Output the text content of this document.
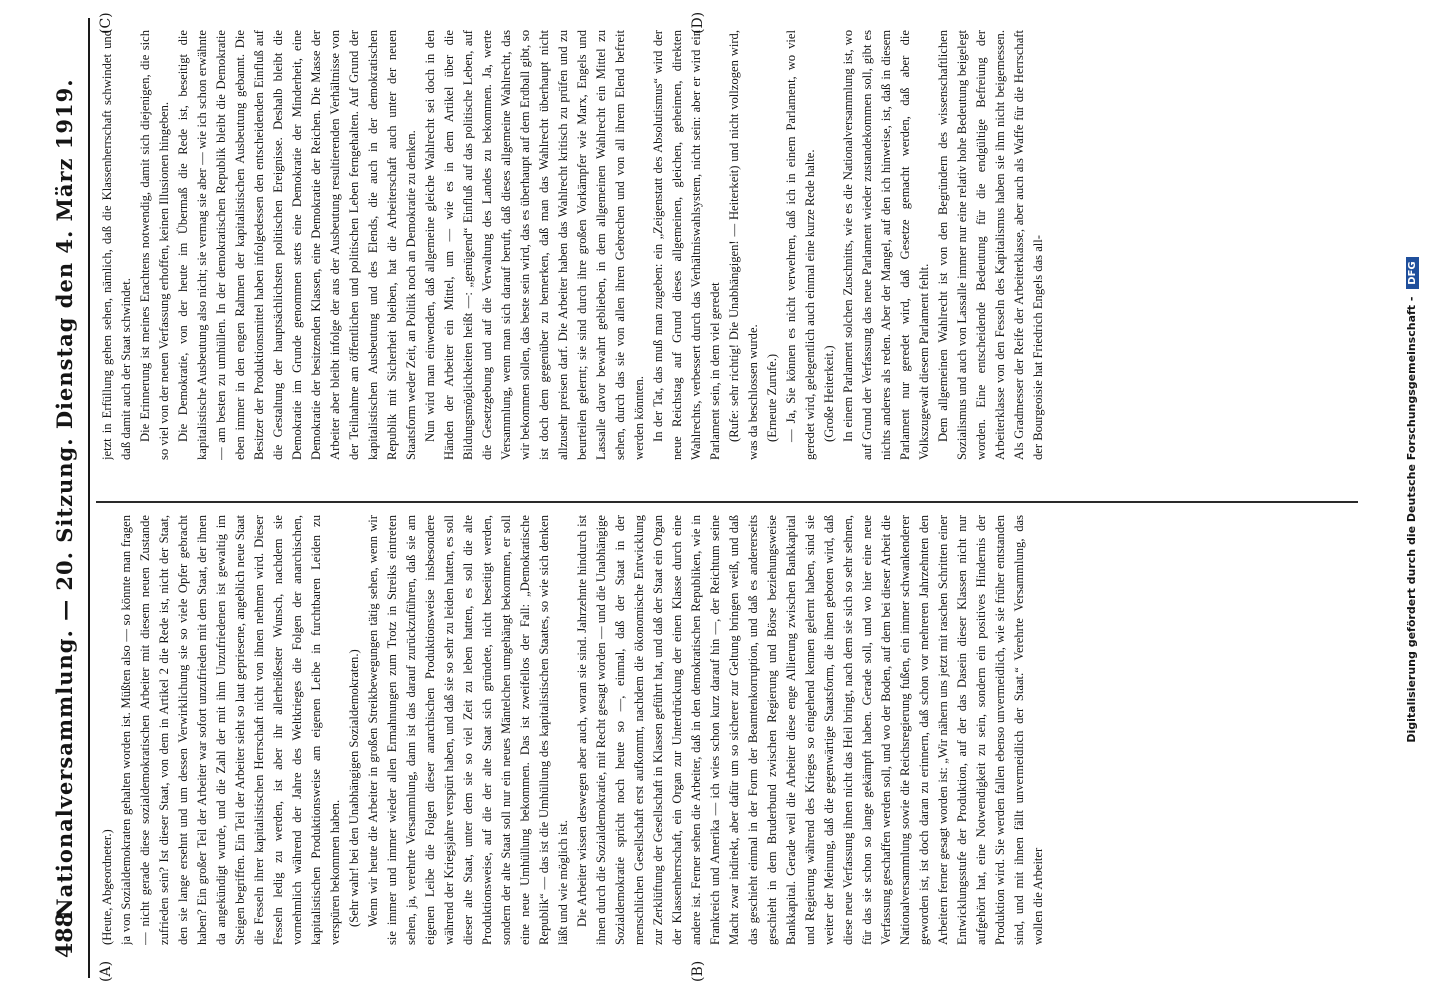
488
Nationalversammlung. — 20. Sitzung. Dienstag den 4. März 1919.
(A)	(B)
(C)	(D)

(Heute, Abgeordneter.) ja von Sozialdemokraten gehalten worden ist. Müßten also — so könnte man fragen — nicht gerade diese sozialdemokratischen Arbeiter mit diesem neuen Zustande zufrieden sein? Ist dieser Staat, von dem in Artikel 2 die Rede ist, nicht der Staat, den sie lange ersehnt und um dessen Verwirklichung sie so viele Opfer gebracht haben? Ein großer Teil der Arbeiter war sofort unzufrieden mit dem Staat, der ihnen da angekündigt wurde, und die Zahl der mit ihm Unzufriedenen ist gewaltig im Steigen begriffen. Ein Teil der Arbeiter sieht so laut gepriesene, angeblich neue Staat die Fesseln ihrer kapitalistischen Herrschaft nicht von ihnen nehmen wird. Dieser Fesseln ledig zu werden, ist aber ihr allerheißester Wunsch, nachdem sie vornehmlich während der Jahre des Weltkrieges die Folgen der anarchischen, kapitalistischen Produktionsweise am eigenen Leibe in furchtbaren Leiden zu verspüren bekommen haben. (Sehr wahr! bei den Unabhängigen Sozialdemokraten.) Wenn wir heute die Arbeiter in großen Streikbewegungen tätig sehen, wenn wir sie immer und immer wieder allen Ermahnungen zum Trotz in Streiks eintreten sehen, ja, verehrte Versammlung, dann ist das darauf zurückzuführen, daß sie am eigenen Leibe die Folgen dieser anarchischen Produktionsweise insbesondere während der Kriegsjahre verspürt haben, und daß sie so sehr zu leiden hatten, es soll dieser alte Staat, unter dem sie so viel Zeit zu leben hatten, es soll die alte Produktionsweise, auf die der alte Staat sich gründete, nicht beseitigt werden, sondern der alte Staat soll nur ein neues Mäntelchen umgehängt bekommen, er soll eine neue Umhüllung bekommen. Das ist zweifellos der Fall: „Demokratische Republik“ — das ist die Umhüllung des kapitalistischen Staates, so wie sich denken läßt und wie möglich ist. Die Arbeiter wissen deswegen aber auch, woran sie sind. Jahrzehnte hindurch ist ihnen durch die Sozialdemokratie, mit Recht gesagt worden — und die Unabhängige Sozialdemokratie spricht noch heute so —, einmal, daß der Staat in der menschlichen Gesellschaft erst aufkommt, nachdem die ökonomische Entwicklung zur Zerklüftung der Gesellschaft in Klassen geführt hat, und daß der Staat ein Organ der Klassenherrschaft, ein Organ zur Unterdrückung der einen Klasse durch eine andere ist. Ferner sehen die Arbeiter, daß in den demokratischen Republiken, wie in Frankreich und Amerika — ich wies schon kurz darauf hin —, der Reichtum seine Macht zwar indirekt, aber dafür um so sicherer zur Geltung bringen weiß, und daß das geschieht einmal in der Form der Beamtenkorruption, und daß es andererseits geschieht in dem Bruderbund zwischen Regierung und Börse beziehungsweise Bankkapital. Gerade weil die Arbeiter diese enge Allierung zwischen Bankkapital und Regierung während des Krieges so eingehend kennen gelernt haben, sind sie weiter der Meinung, daß die gegenwärtige Staatsform, die ihnen geboten wird, daß diese neue Verfassung ihnen nicht das Heil bringt, nach dem sie sich so sehr sehnen, für das sie schon so lange gekämpft haben. Gerade soll, und wo hier eine neue Verfassung geschaffen werden soll, und wo der Boden, auf dem bei dieser Arbeit die Nationalversammlung sowie die Reichsregierung fußen, ein immer schwankenderer geworden ist, ist doch daran zu erinnern, daß schon vor mehreren Jahrzehnten den Arbeitern ferner gesagt worden ist: „Wir nähern uns jetzt mit raschen Schritten einer Entwicklungsstufe der Produktion, auf der das Dasein dieser Klassen nicht nur aufgehört hat, eine Notwendigkeit zu sein, sondern ein positives Hindernis der Produktion wird. Sie werden fallen ebenso unvermeidlich, wie sie früher entstanden sind, und mit ihnen fällt unvermeidlich der Staat.“ Verehrte Versammlung, das wollen die Arbeiter

jetzt in Erfüllung gehen sehen, nämlich, daß die Klassenherrschaft schwindet und daß damit auch der Staat schwindet. Die Erinnerung ist meines Erachtens notwendig, damit sich diejenigen, die sich so viel von der neuen Verfassung erhoffen, keinen Illusionen hingeben. Die Demokratie, von der heute im Übermaß die Rede ist, beseitigt die kapitalistische Ausbeutung also nicht; sie vermag sie aber — wie ich schon erwähnte — am besten zu umhüllen. In der demokratischen Republik bleibt die Demokratie eben immer in den engen Rahmen der kapitalistischen Ausbeutung gebannt. Die Besitzer der Produktionsmittel haben infolgedessen den entscheidenden Einfluß auf die Gestaltung der hauptsächlichsten politischen Ereignisse. Deshalb bleibt die Demokratie im Grunde genommen stets eine Demokratie der Minderheit, eine Demokratie der besitzenden Klassen, eine Demokratie der Reichen. Die Masse der Arbeiter aber bleibt infolge der aus der Ausbeutung resultierenden Verhältnisse von der Teilnahme am öffentlichen und politischen Leben ferngehalten. Auf Grund der kapitalistischen Ausbeutung und des Elends, die auch in der demokratischen Republik mit Sicherheit bleiben, hat die Arbeiterschaft auch unter der neuen Staatsform weder Zeit, an Politik noch an Demokratie zu denken. Nun wird man einwenden, daß allgemeine gleiche Wahlrecht sei doch in den Händen der Arbeiter ein Mittel, um — wie es in dem Artikel über die Bildungsmöglichkeiten heißt —: „genügend“ Einfluß auf das politische Leben, auf die Gesetzgebung und auf die Verwaltung des Landes zu bekommen. Ja, werte Versammlung, wenn man sich darauf beruft, daß dieses allgemeine Wahlrecht, das wir bekommen sollen, das beste sein wird, das es überhaupt auf dem Erdball gibt, so ist doch dem gegenüber zu bemerken, daß man das Wahlrecht überhaupt nicht allzusehr preisen darf. Die Arbeiter haben das Wahlrecht kritisch zu prüfen und zu beurteilen gelernt; sie sind durch ihre großen Vorkämpfer wie Marx, Engels und Lassalle davor bewahrt geblieben, in dem allgemeinen Wahlrecht ein Mittel zu sehen, durch das sie von allen ihren Gebrechen und von all ihrem Elend befreit werden könnten. In der Tat, das muß man zugeben: ein „Zeigenstatt des Absolutismus“ wird der neue Reichstag auf Grund dieses allgemeinen, gleichen, geheimen, direkten Wahlrechts, verbessert durch das Verhältniswahlsystem, nicht sein: aber er wird ein Parlament sein, in dem viel geredet (Rufe: sehr richtig! Die Unabhängigen! — Heiterkeit) und nicht vollzogen wird, was da beschlossen wurde. (Erneute Zurufe.) — Ja, Sie können es nicht verwehren, daß ich in einem Parlament, wo viel geredet wird, gelegentlich auch einmal eine kurze Rede halte. (Große Heiterkeit.) In einem Parlament solchen Zuschnitts, wie es die Nationalversammlung ist, wo auf Grund der Verfassung das neue Parlament wieder zustandekommen soll, gibt es nichts anderes als reden. Aber der Mangel, auf den ich hinweise, ist, daß in diesem Parlament nur geredet wird, daß Gesetze gemacht werden, daß aber die Volkszugewalt diesem Parlament fehlt. Dem allgemeinen Wahlrecht ist von den Begründern des wissenschaftlichen Sozialismus und auch von Lassalle immer nur eine relativ hohe Bedeutung beigelegt worden. Eine entscheidende Bedeutung für die endgültige Befreiung der Arbeiterklasse von den Fesseln des Kapitalismus haben sie ihm nicht beigemessen. Als Gradmesser der Reife der Arbeiterklasse, aber auch als Waffe für die Herrschaft der Bourgeoisie hat Friedrich Engels das all-	Digitalisierung gefördert durch die Deutsche Forschungsgemeinschaft - DFG
